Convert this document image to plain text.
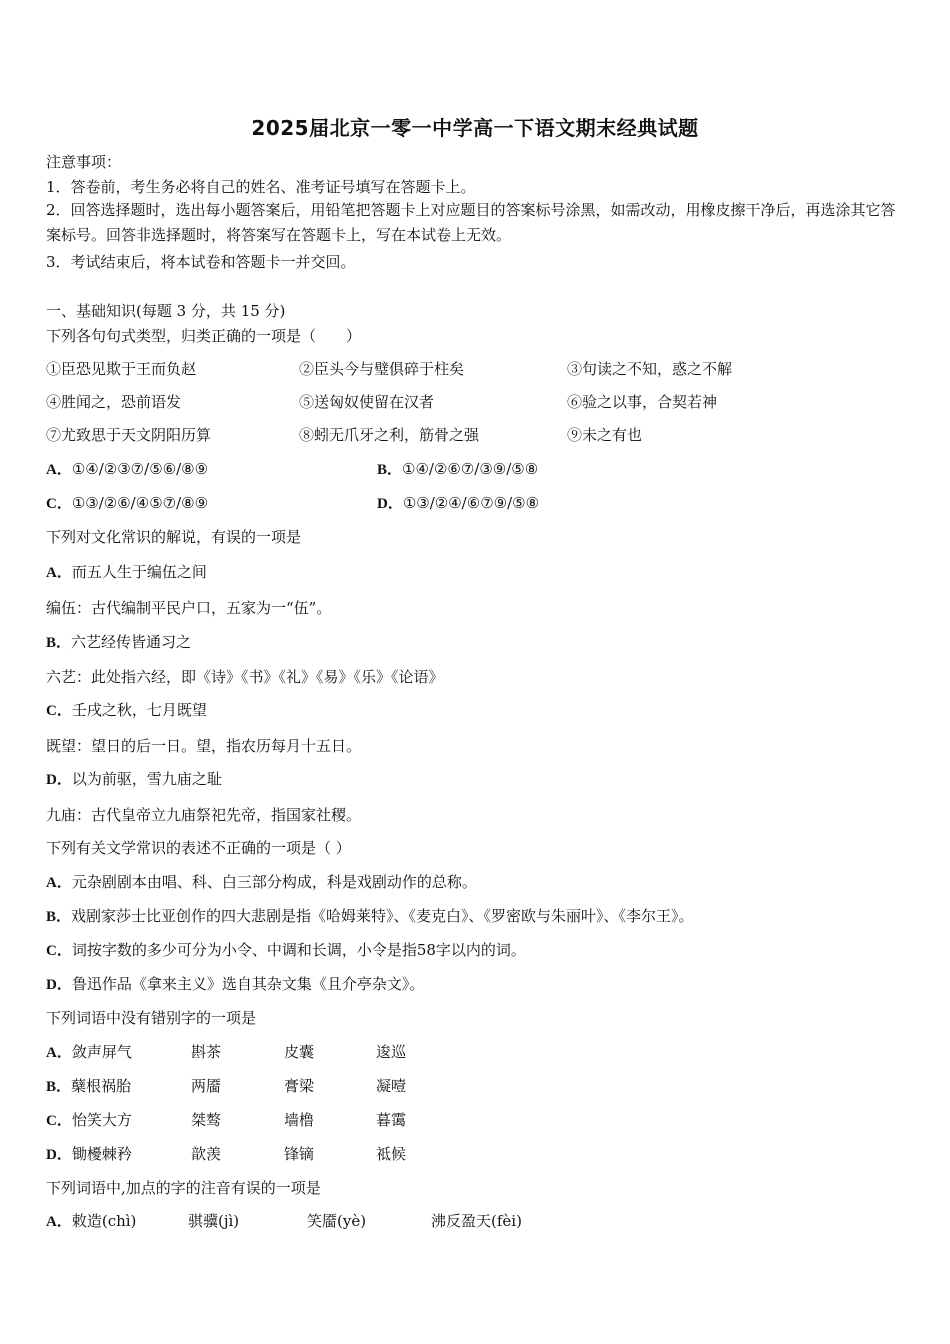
2025届北京一零一中学高一下语文期末经典试题
注意事项：
1．答卷前，考生务必将自己的姓名、准考证号填写在答题卡上。
2．回答选择题时，选出每小题答案后，用铅笔把答题卡上对应题目的答案标号涂黑，如需改动，用橡皮擦干净后，再选涂其它答案标号。回答非选择题时，将答案写在答题卡上，写在本试卷上无效。
3．考试结束后，将本试卷和答题卡一并交回。
一、基础知识(每题 3 分，共 15 分)
下列各句句式类型，归类正确的一项是（　　）
①臣恐见欺于王而负赵	②臣头今与璧俱碎于柱矣	③句读之不知，惑之不解
④胜闻之，恐前语发	⑤送匈奴使留在汉者	⑥验之以事，合契若神
⑦尤致思于天文阴阳历算	⑧蚓无爪牙之利，筋骨之强	⑨未之有也
A．①④/②③⑦/⑤⑥/⑧⑨	B．①④/②⑥⑦/③⑨/⑤⑧
C．①③/②⑥/④⑤⑦/⑧⑨	D．①③/②④/⑥⑦⑨/⑤⑧
下列对文化常识的解说，有误的一项是
A．而五人生于编伍之间
编伍：古代编制平民户口，五家为一“伍”。
B．六艺经传皆通习之
六艺：此处指六经，即《诗》《书》《礼》《易》《乐》《论语》
C．壬戌之秋，七月既望
既望：望日的后一日。望，指农历每月十五日。
D．以为前驱，雪九庙之耻
九庙：古代皇帝立九庙祭祀先帝，指国家社稷。
下列有关文学常识的表述不正确的一项是（ ）
A．元杂剧剧本由唱、科、白三部分构成，科是戏剧动作的总称。
B．戏剧家莎士比亚创作的四大悲剧是指《哈姆莱特》、《麦克白》、《罗密欧与朱丽叶》、《李尔王》。
C．词按字数的多少可分为小令、中调和长调，小令是指58字以内的词。
D．鲁迅作品《拿来主义》选自其杂文集《且介亭杂文》。
下列词语中没有错别字的一项是
A．敛声屏气	斟茶	皮囊	逡巡
B．蘖根祸胎	两靥	膏梁	凝噎
C．怡笑大方	桀骜	墙橹	暮霭
D．锄櫌棘矜	歆羡	锋镝	祗候
下列词语中,加点的字的注音有误的一项是
A．敕造(chì)	骐骥(jì)	笑靥(yè)	沸反盈天(fèi)
